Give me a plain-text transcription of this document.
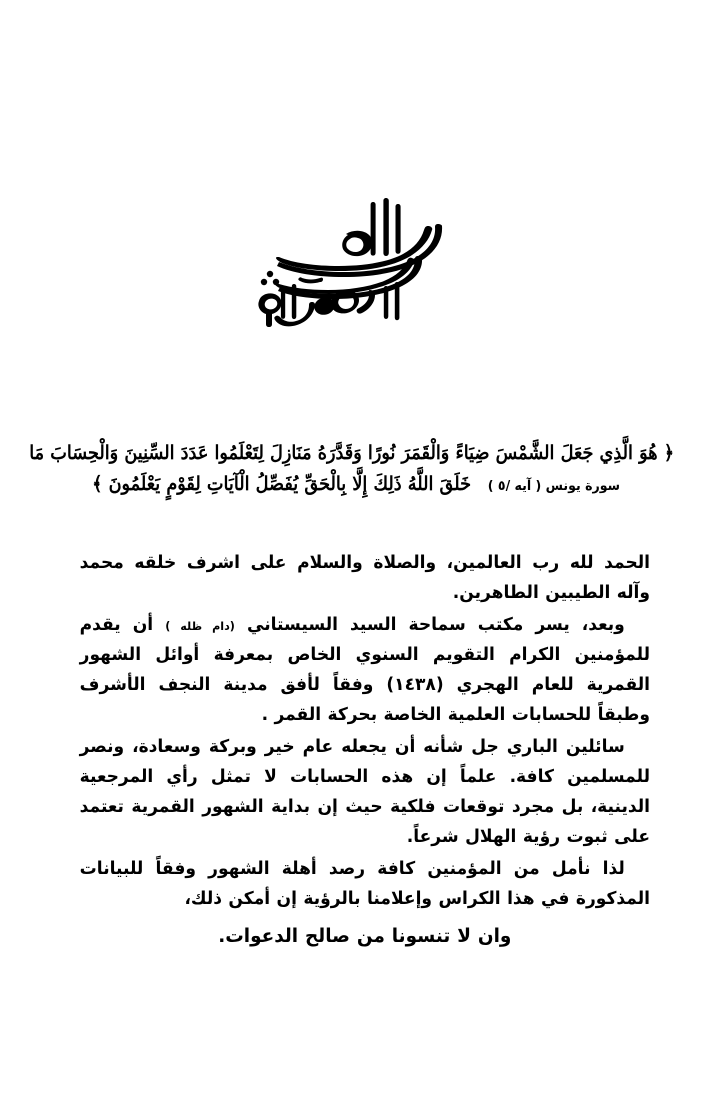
﴿ هُوَ الَّذِي جَعَلَ الشَّمْسَ ضِيَاءً وَالْقَمَرَ نُورًا وَقَدَّرَهُ مَنَازِلَ لِتَعْلَمُوا عَدَدَ السِّنِينَ وَالْحِسَابَ مَا
سورة يونس ( آيه /٥ )
خَلَقَ اللَّهُ ذَلِكَ إِلَّا بِالْحَقِّ يُفَصِّلُ الْآيَاتِ لِقَوْمٍ يَعْلَمُونَ ﴾

الحمد لله رب العالمين، والصلاة والسلام على اشرف خلقه محمد وآله الطيبين الطاهرين.

وبعد، يسر مكتب سماحة السيد السيستاني (دام ظله ) أن يقدم للمؤمنين الكرام التقويم السنوي الخاص بمعرفة أوائل الشهور القمرية للعام الهجري (١٤٣٨) وفقاً لأفق مدينة النجف الأشرف وطبقاً للحسابات العلمية الخاصة بحركة القمر .

سائلين الباري جل شأنه أن يجعله عام خير وبركة وسعادة، ونصر للمسلمين كافة. علماً إن هذه الحسابات لا تمثل رأي المرجعية الدينية، بل مجرد توقعات فلكية حيث إن بداية الشهور القمرية تعتمد على ثبوت رؤية الهلال شرعاً.

لذا نأمل من المؤمنين كافة رصد أهلة الشهور وفقاً للبيانات المذكورة في هذا الكراس وإعلامنا بالرؤية إن أمكن ذلك،

وان لا تنسونا من صالح الدعوات.
